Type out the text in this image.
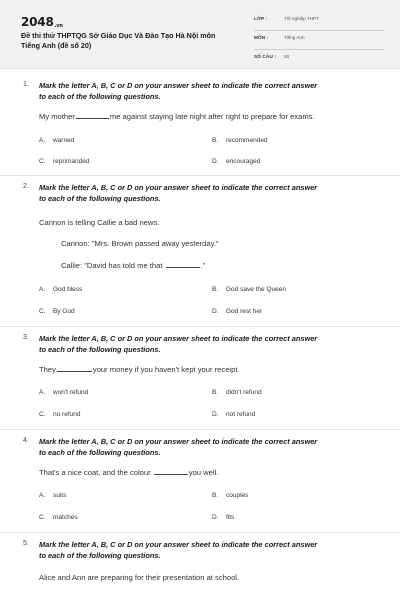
$2048_{.vn}$
Đề thi thử THPTQG Sở Giáo Dục Và Đào Tạo Hà Nội môn
Tiếng Anh (đề số 20)
LỚP :	Tốt nghiệp THPT
MÔN :	Tiếng Anh
SỐ CÂU : 50
1. Mark the letter A, B, C or D on your answer sheet to indicate the correct answer
to each of the following questions.
My mother	me against staying late night after right to prepare for exams.
A. warned	B. recommended
C. reprimanded	D. encouraged
2. Mark the letter A, B, C or D on your answer sheet to indicate the correct answer
to each of the following questions.
Cannon is telling Callie a bad news.
Cannon: "Mrs. Brown passed away yesterday."
Callie: "David has told me that	."
A. God bless	B. God save the Queen
C. By God	D. God rest her
3. Mark the letter A, B, C or D on your answer sheet to indicate the correct answer
to each of the following questions.
They	your money if you haven't kept your receipt.
A. won't refund	B. didn't refund
C. no refund	D. not refund
4. Mark the letter A, B, C or D on your answer sheet to indicate the correct answer
to each of the following questions.
That's a nice coat, and the colour	you well.
A. suits	B. couples
C. matches	D. fits
5. Mark the letter A, B, C or D on your answer sheet to indicate the correct answer
to each of the following questions.
Alice and Ann are preparing for their presentation at school.
